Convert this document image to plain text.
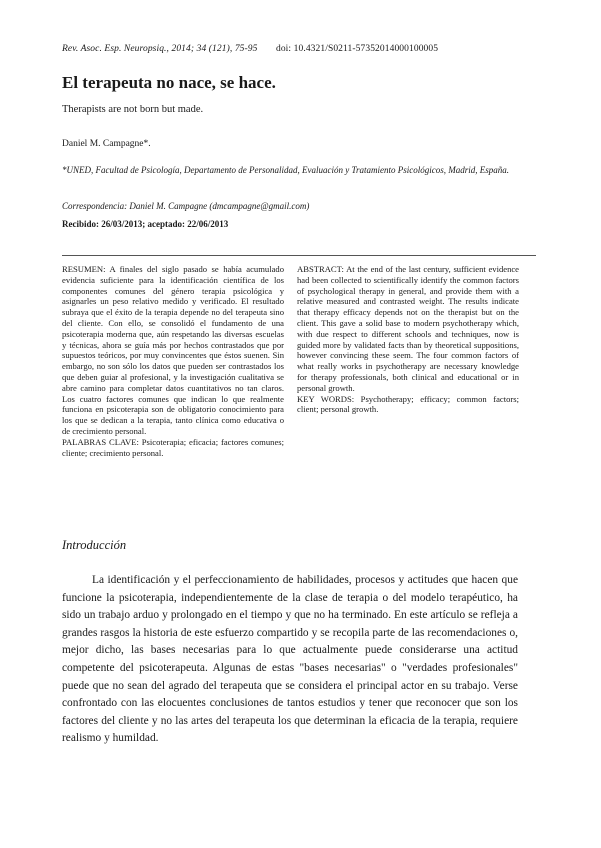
Rev. Asoc. Esp. Neuropsiq., 2014; 34 (121), 75-95 doi: 10.4321/S0211-57352014000100005
El terapeuta no nace, se hace.
Therapists are not born but made.
Daniel M. Campagne*.
*UNED, Facultad de Psicología, Departamento de Personalidad, Evaluación y Tratamiento Psicológicos, Madrid, España.
Correspondencia: Daniel M. Campagne (dmcampagne@gmail.com)
Recibido: 26/03/2013; aceptado: 22/06/2013

RESUMEN: A finales del siglo pasado se había acumulado evidencia suficiente para la identificación científica de los componentes comunes del género terapia psicológica y asignarles un peso relativo medido y verificado. El resultado subraya que el éxito de la terapia depende no del terapeuta sino del cliente. Con ello, se consolidó el fundamento de una psicoterapia moderna que, aún respetando las diversas escuelas y técnicas, ahora se guía más por hechos contrastados que por supuestos teóricos, por muy convincentes que éstos suenen. Sin embargo, no son sólo los datos que pueden ser contrastados los que deben guiar al profesional, y la investigación cualitativa se abre camino para completar datos cuantitativos no tan claros. Los cuatro factores comunes que indican lo que realmente funciona en psicoterapia son de obligatorio conocimiento para los que se dedican a la terapia, tanto clínica como educativa o de crecimiento personal.

PALABRAS CLAVE: Psicoterapia; eficacia; factores comunes; cliente; crecimiento personal.

ABSTRACT: At the end of the last century, sufficient evidence had been collected to scientifically identify the common factors of psychological therapy in general, and provide them with a relative measured and contrasted weight. The results indicate that therapy efficacy depends not on the therapist but on the client. This gave a solid base to modern psychotherapy which, with due respect to different schools and techniques, now is guided more by validated facts than by theoretical suppositions, however convincing these seem. The four common factors of what really works in psychotherapy are necessary knowledge for therapy professionals, both clinical and educational or in personal growth.

KEY WORDS: Psychotherapy; efficacy; common factors; client; personal growth.

Introducción

La identificación y el perfeccionamiento de habilidades, procesos y actitudes que hacen que funcione la psicoterapia, independientemente de la clase de terapia o del modelo terapéutico, ha sido un trabajo arduo y prolongado en el tiempo y que no ha terminado. En este artículo se refleja a grandes rasgos la historia de este esfuerzo compartido y se recopila parte de las recomendaciones o, mejor dicho, las bases necesarias para lo que actualmente puede considerarse una actitud competente del psicoterapeuta. Algunas de estas "bases necesarias" o "verdades profesionales" puede que no sean del agrado del terapeuta que se considera el principal actor en su trabajo. Verse confrontado con las elocuentes conclusiones de tantos estudios y tener que reconocer que son los factores del cliente y no las artes del terapeuta los que determinan la eficacia de la terapia, requiere realismo y humildad.
